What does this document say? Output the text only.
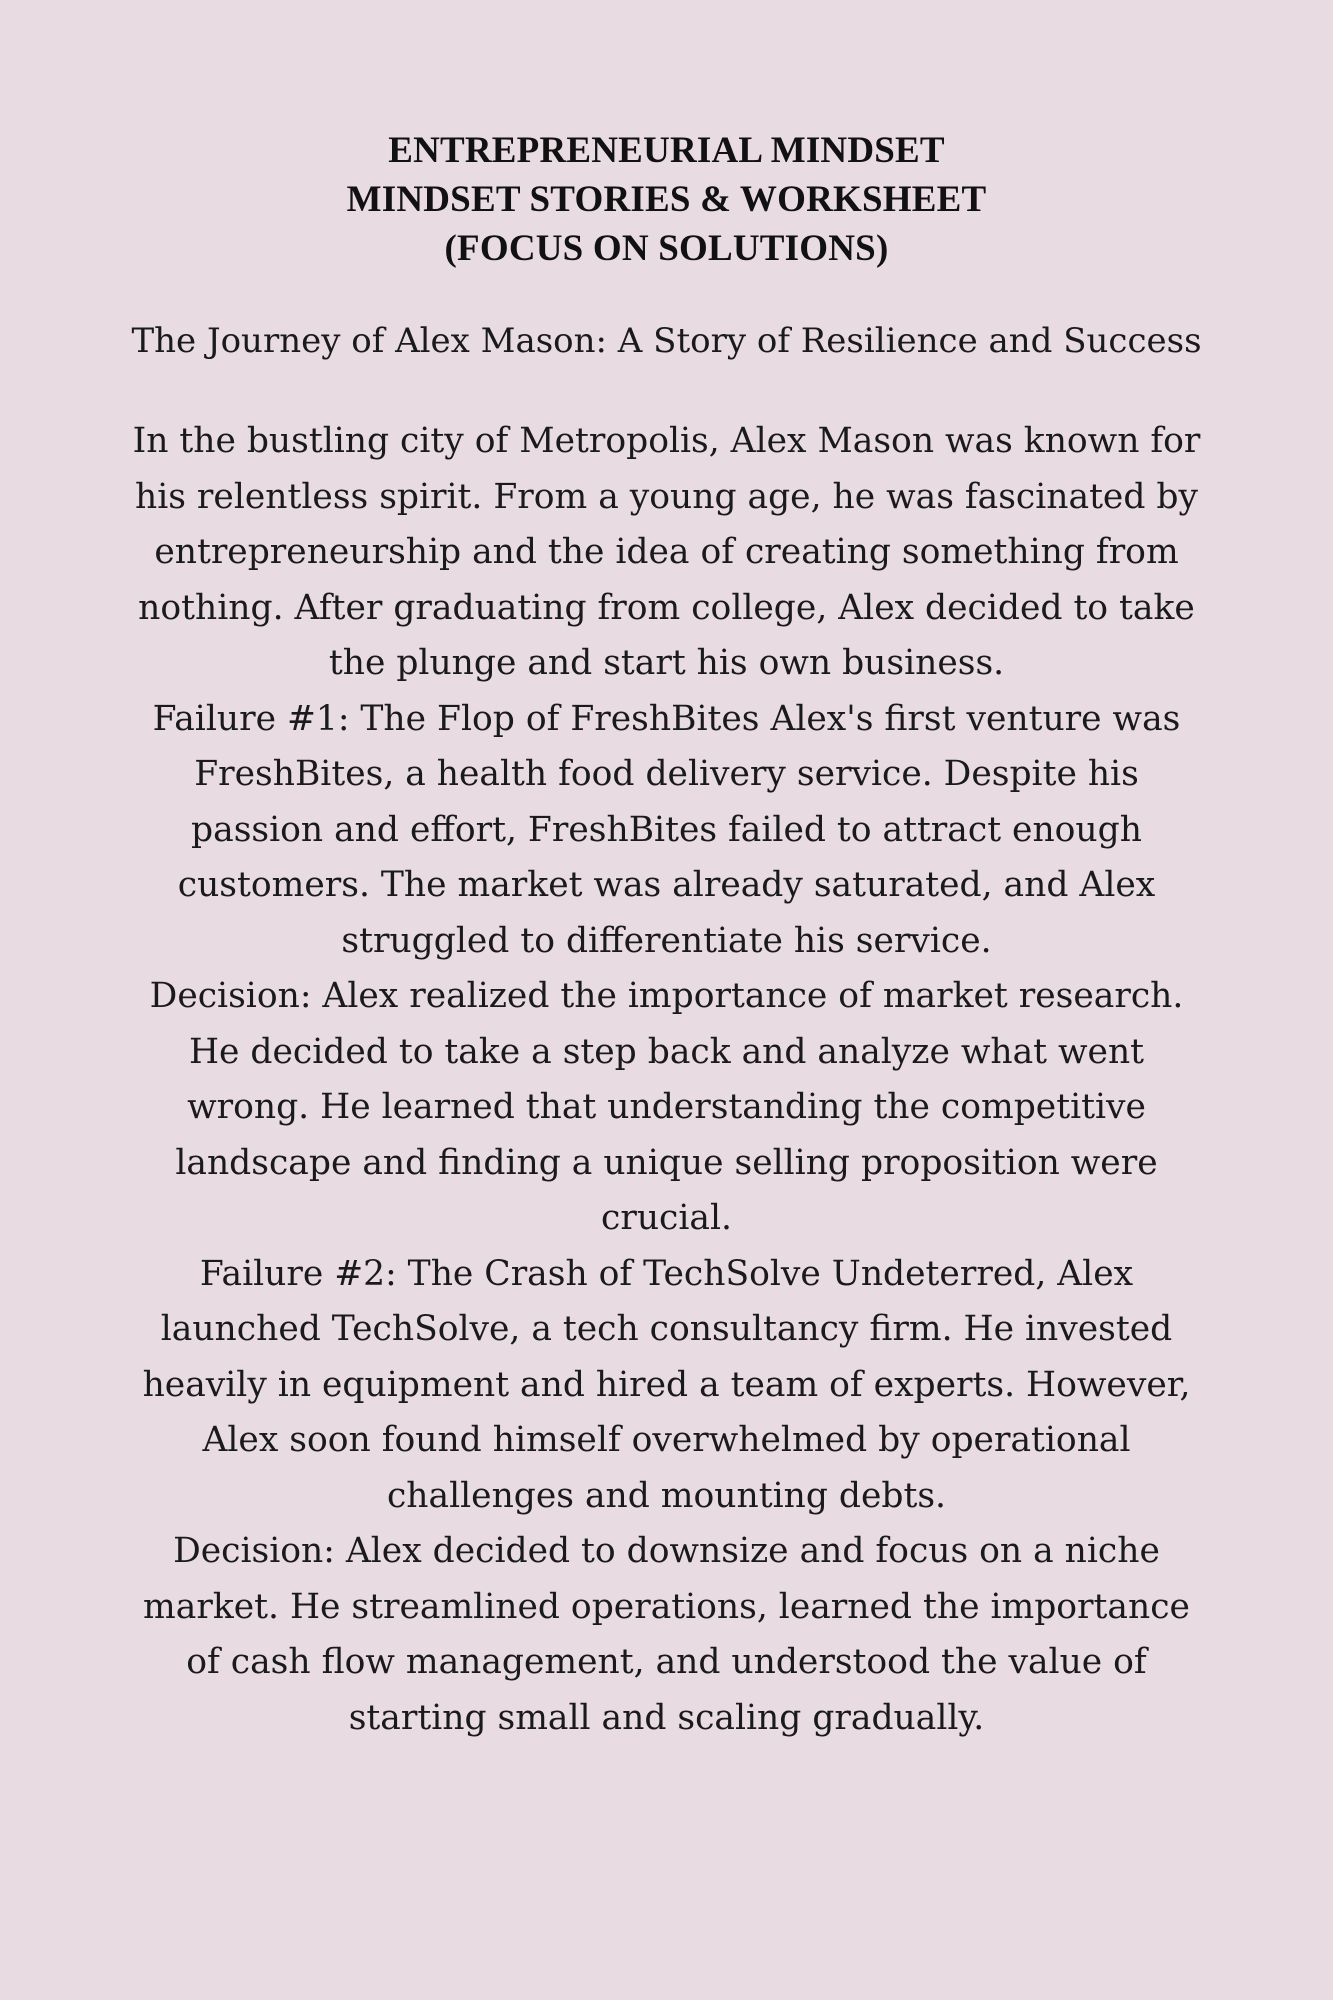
ENTREPRENEURIAL MINDSET
MINDSET STORIES & WORKSHEET
(FOCUS ON SOLUTIONS)
The Journey of Alex Mason: A Story of Resilience and Success

In the bustling city of Metropolis, Alex Mason was known for his relentless spirit. From a young age, he was fascinated by entrepreneurship and the idea of creating something from nothing. After graduating from college, Alex decided to take the plunge and start his own business.

Failure #1: The Flop of FreshBites Alex's first venture was FreshBites, a health food delivery service. Despite his passion and effort, FreshBites failed to attract enough customers. The market was already saturated, and Alex struggled to differentiate his service.

Decision: Alex realized the importance of market research. He decided to take a step back and analyze what went wrong. He learned that understanding the competitive landscape and finding a unique selling proposition were crucial.

Failure #2: The Crash of TechSolve Undeterred, Alex launched TechSolve, a tech consultancy firm. He invested heavily in equipment and hired a team of experts. However, Alex soon found himself overwhelmed by operational challenges and mounting debts.

Decision: Alex decided to downsize and focus on a niche market. He streamlined operations, learned the importance of cash flow management, and understood the value of starting small and scaling gradually.
